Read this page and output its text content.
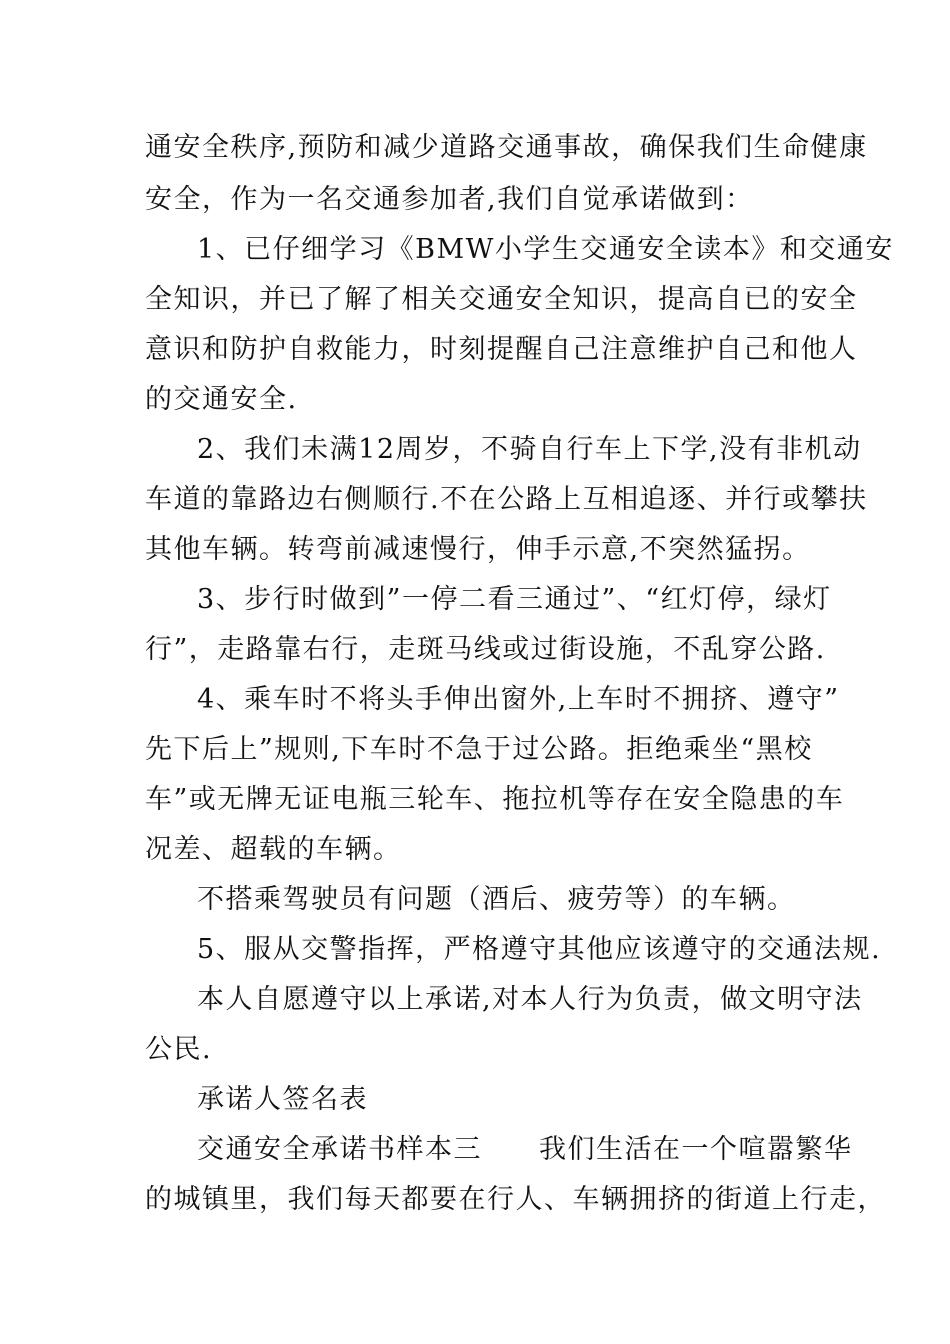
通安全秩序,预防和减少道路交通事故，确保我们生命健康
安全，作为一名交通参加者,我们自觉承诺做到：
1、已仔细学习《BMW小学生交通安全读本》和交通安
全知识，并已了解了相关交通安全知识，提高自已的安全
意识和防护自救能力，时刻提醒自己注意维护自己和他人
的交通安全.
2、我们未满12周岁，不骑自行车上下学,没有非机动
车道的靠路边右侧顺行.不在公路上互相追逐、并行或攀扶
其他车辆。转弯前减速慢行，伸手示意,不突然猛拐。
3、步行时做到”一停二看三通过”、“红灯停，绿灯
行”，走路靠右行，走斑马线或过街设施，不乱穿公路.
4、乘车时不将头手伸出窗外,上车时不拥挤、遵守”
先下后上”规则,下车时不急于过公路。拒绝乘坐“黑校
车”或无牌无证电瓶三轮车、拖拉机等存在安全隐患的车
况差、超载的车辆。
不搭乘驾驶员有问题（酒后、疲劳等）的车辆。
5、服从交警指挥，严格遵守其他应该遵守的交通法规.
本人自愿遵守以上承诺,对本人行为负责，做文明守法
公民.
承诺人签名表
交通安全承诺书样本三　　我们生活在一个喧嚣繁华
的城镇里，我们每天都要在行人、车辆拥挤的街道上行走，
